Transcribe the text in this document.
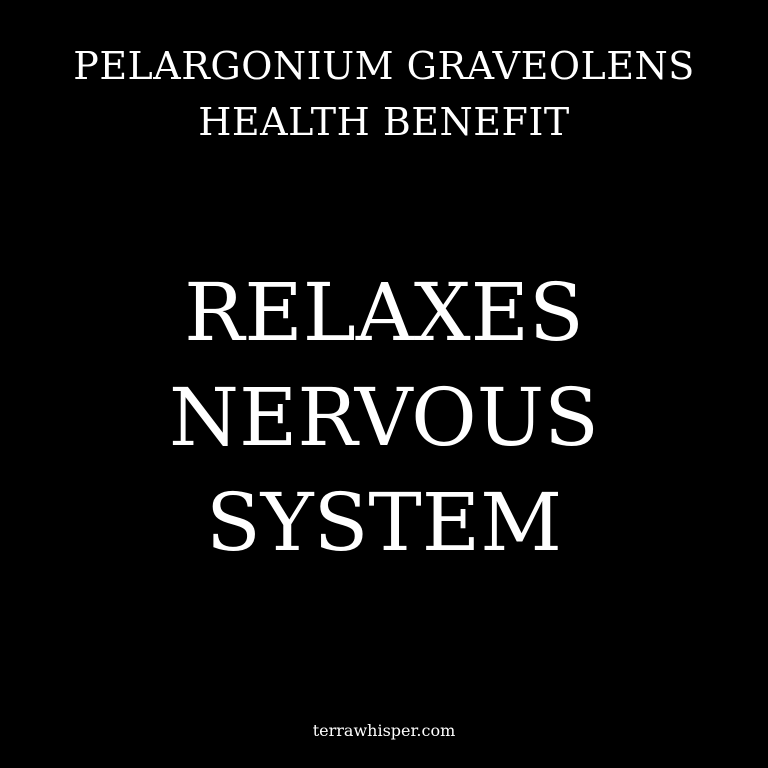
PELARGONIUM GRAVEOLENS
HEALTH BENEFIT
RELAXES
NERVOUS
SYSTEM
terrawhisper.com
